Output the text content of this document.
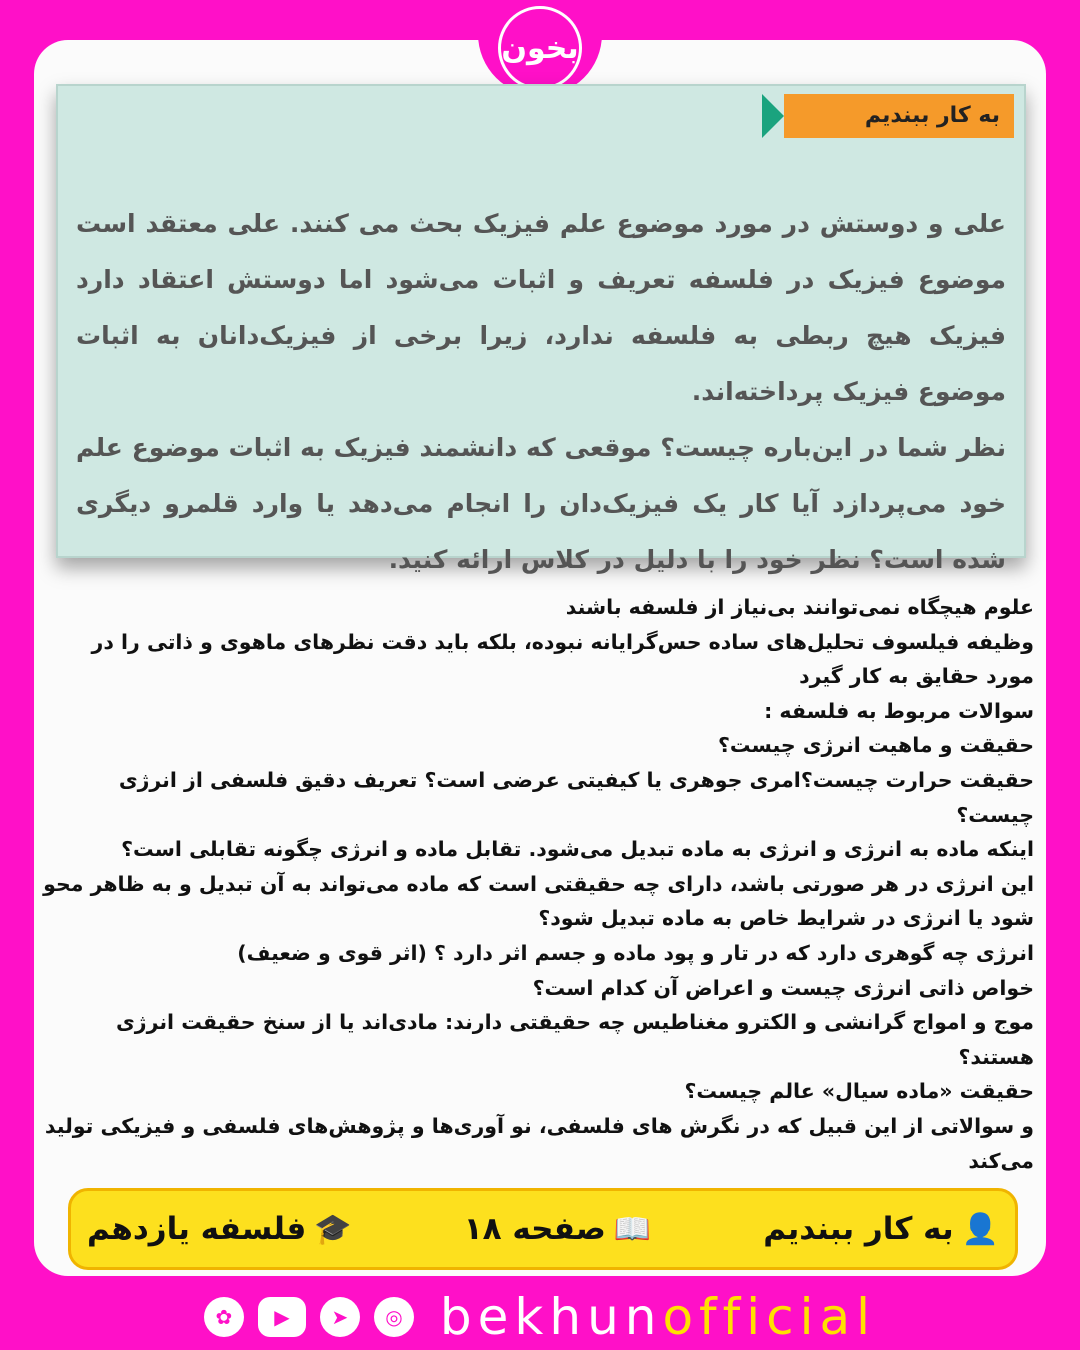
بخون
به کار ببندیم

علی و دوستش در مورد موضوع علم فیزیک بحث می کنند. علی معتقد است موضوع فیزیک در فلسفه تعریف و اثبات می‌شود اما دوستش اعتقاد دارد فیزیک هیچ ربطی به فلسفه ندارد، زیرا برخی از فیزیک‌دانان به اثبات موضوع فیزیک پرداخته‌اند.

نظر شما در این‌باره چیست؟ موقعی که دانشمند فیزیک به اثبات موضوع علم خود می‌پردازد آیا کار یک فیزیک‌دان را انجام می‌دهد یا وارد قلمرو دیگری شده است؟ نظر خود را با دلیل در کلاس ارائه کنید.

علوم هیچگاه نمی‌توانند بی‌نیاز از فلسفه باشند

وظیفه فیلسوف تحلیل‌های ساده حس‌گرایانه نبوده، بلکه باید دقت نظرهای ماهوی و ذاتی را در مورد حقایق به کار گیرد

سوالات مربوط به فلسفه :

حقیقت و ماهیت انرژی چیست؟

حقیقت حرارت چیست؟امری جوهری یا کیفیتی عرضی است؟ تعریف دقیق فلسفی از انرژی چیست؟

اینکه ماده به انرژی و انرژی به ماده تبدیل می‌شود. تقابل ماده و انرژی چگونه تقابلی است؟

این انرژی در هر صورتی باشد، دارای چه حقیقتی است که ماده می‌تواند به آن تبدیل و به ظاهر محو شود یا انرژی در شرایط خاص به ماده تبدیل شود؟

انرژی چه گوهری دارد که در تار و پود ماده و جسم اثر دارد ؟ (اثر قوی و ضعیف)

خواص ذاتی انرژی چیست و اعراض آن کدام است؟

موج و امواج گرانشی و الکترو مغناطیس چه حقیقتی دارند: مادی‌اند یا از سنخ حقیقت انرژی هستند؟

حقیقت «ماده سیال» عالم چیست؟

و سوالاتی از این قبیل که در نگرش های فلسفی، نو آوری‌ها و پژوهش‌های فلسفی و فیزیکی تولید می‌کند

👤
به کار ببندیم
📖
صفحه ۱۸
🎓
فلسفه یازدهم
✿	▶	➤	◎ bekhunofficial
